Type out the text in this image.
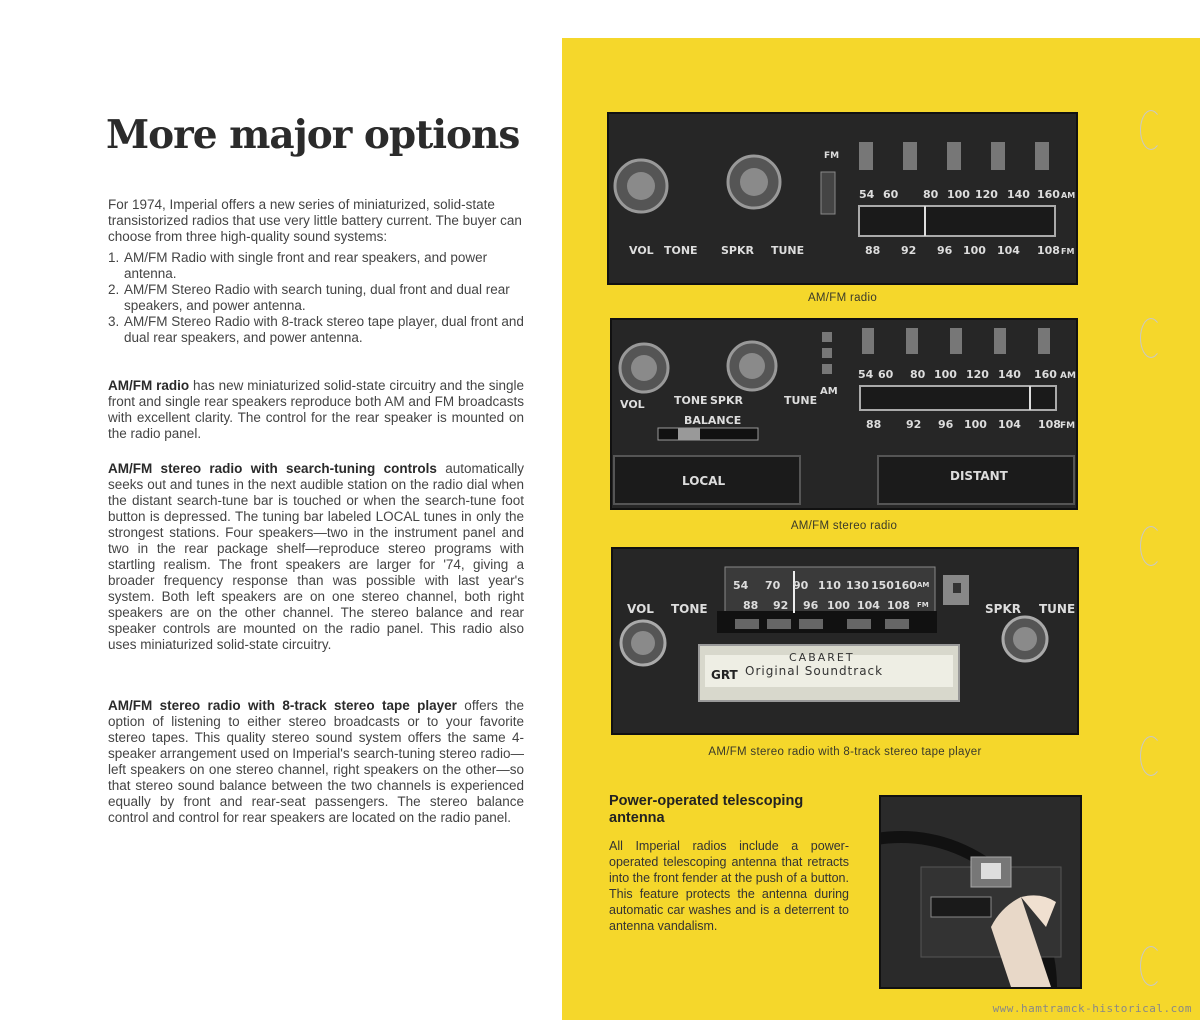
More major options
For 1974, Imperial offers a new series of miniaturized, solid-state transistorized radios that use very little battery current. The buyer can choose from three high-quality sound systems:
1. AM/FM Radio with single front and rear speakers, and power antenna.
2. AM/FM Stereo Radio with search tuning, dual front and dual rear speakers, and power antenna.
3. AM/FM Stereo Radio with 8-track stereo tape player, dual front and dual rear speakers, and power antenna.
AM/FM radio has new miniaturized solid-state circuitry and the single front and single rear speakers reproduce both AM and FM broadcasts with excellent clarity. The control for the rear speaker is mounted on the radio panel.
AM/FM stereo radio with search-tuning controls automatically seeks out and tunes in the next audible station on the radio dial when the distant search-tune bar is touched or when the search-tune foot button is depressed. The tuning bar labeled LOCAL tunes in only the strongest stations. Four speakers—two in the instrument panel and two in the rear package shelf—reproduce stereo programs with startling realism. The front speakers are larger for '74, giving a broader frequency response than was possible with last year's system. Both left speakers are on one stereo channel, both right speakers are on the other channel. The stereo balance and rear speaker controls are mounted on the radio panel. This radio also uses miniaturized solid-state circuitry.
AM/FM stereo radio with 8-track stereo tape player offers the option of listening to either stereo broadcasts or to your favorite stereo tapes. This quality stereo sound system offers the same 4-speaker arrangement used on Imperial's search-tuning stereo radio—left speakers on one stereo channel, right speakers on the other—so that stereo sound balance between the two channels is experienced equally by front and rear-seat passengers. The stereo balance control and control for rear speakers are located on the radio panel.
FM
VOL TONE SPKR TUNE
54 60 80 100 120 140 160 AM
88 92 96 100 104 108 FM
AM/FM radio
VOL	TONE SPKR	TUNE
AM
BALANCE
LOCAL	DISTANT
54 60 80 100 120 140 160 AM
88 92 96 100 104 108 FM
AM/FM stereo radio
VOL TONE	SPKR TUNE
54 70 90 110 130 150 160 AM
88 92 96 100 104 108 FM
CABARET
Original Soundtrack
GRT
AM/FM stereo radio with 8-track stereo tape player
Power-operated telescoping antenna
All Imperial radios include a power-operated telescoping antenna that retracts into the front fender at the push of a button. This feature protects the antenna during automatic car washes and is a deterrent to antenna vandalism.
www.hamtramck-historical.com
